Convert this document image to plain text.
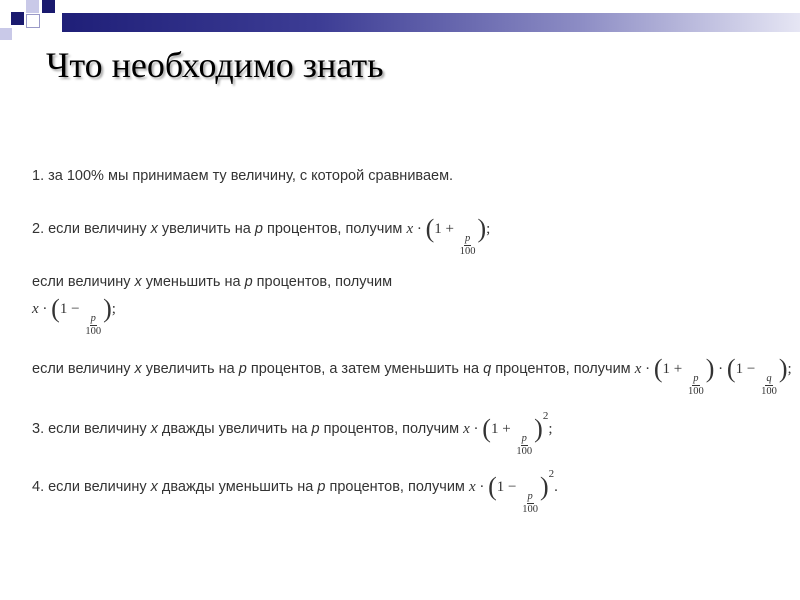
Что необходимо знать
1. за 100% мы принимаем ту величину, с которой сравниваем.
2. если величину x увеличить на p процентов, получим x · (1 +
$\frac{p}{100}$
);
если величину x уменьшить на p процентов, получим
x · (1 −
$\frac{p}{100}$
);
если величину x увеличить на p процентов, а затем уменьшить на q процентов, получим x · (1 +
$\frac{p}{100}$
) · (1 −
$\frac{q}{100}$
);
3. если величину x дважды увеличить на p процентов, получим x · (1 +
$\frac{p}{100}$
)$^2$;
4. если величину x дважды уменьшить на p процентов, получим x · (1 −
$\frac{p}{100}$
)$^2$.
